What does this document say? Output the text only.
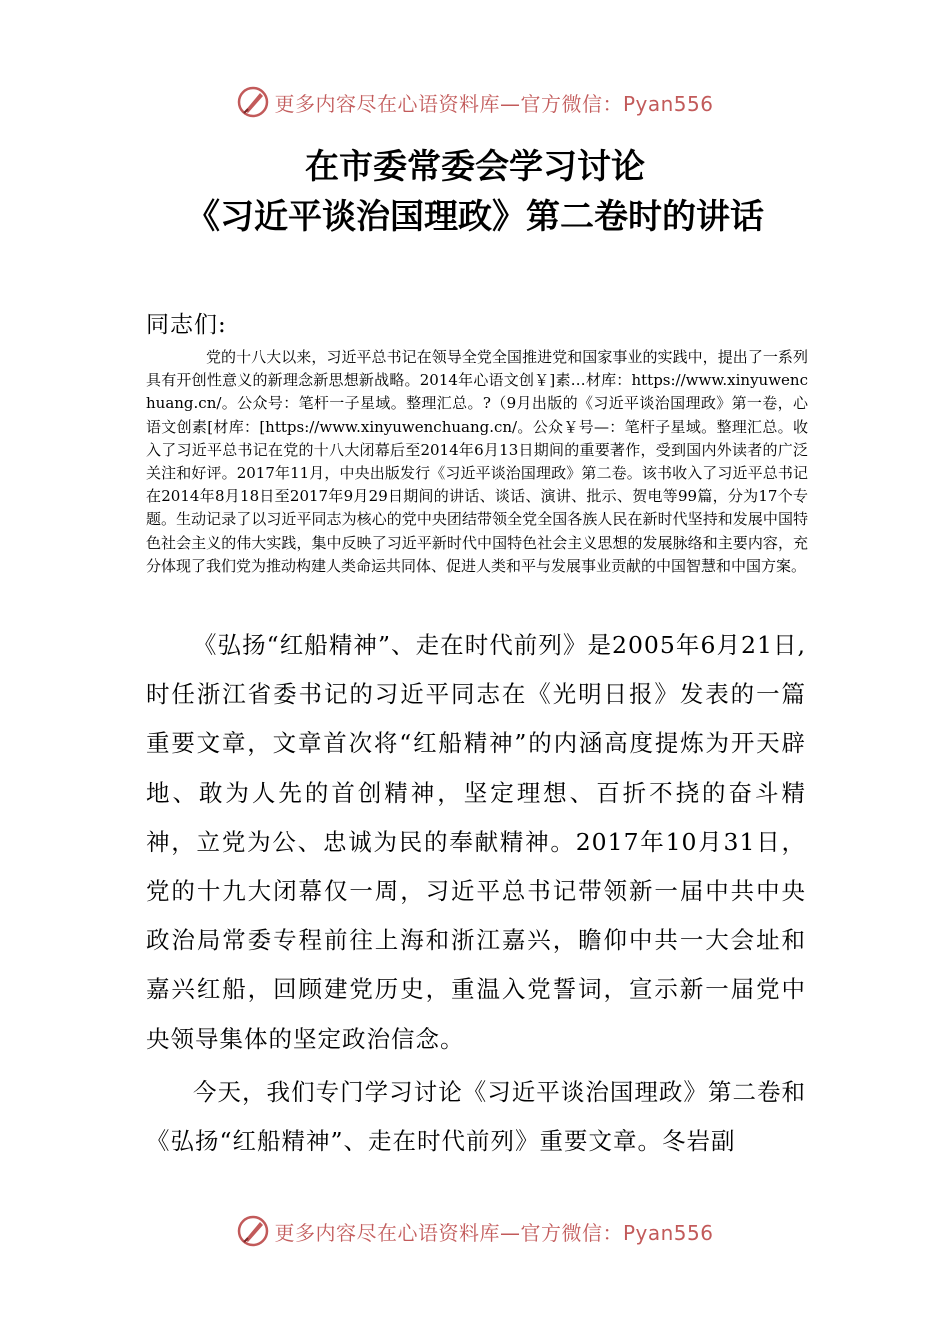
更多内容尽在心语资料库—官方微信：Pyan556
在市委常委会学习讨论
《习近平谈治国理政》第二卷时的讲话
同志们:

党的十八大以来，习近平总书记在领导全党全国推进党和国家事业的实践中，提出了一系列具有开创性意义的新理念新思想新战略。2014年心语文创￥]素…材库：https://www.xinyuwenchuang.cn/。公众号：笔杆一子星域。整理汇总。?（9月出版的《习近平谈治国理政》第一卷，心语文创素[材库：[https://www.xinyuwenchuang.cn/。公众￥号—：笔杆子星域。整理汇总。收入了习近平总书记在党的十八大闭幕后至2014年6月13日期间的重要著作，受到国内外读者的广泛关注和好评。2017年11月，中央出版发行《习近平谈治国理政》第二卷。该书收入了习近平总书记在2014年8月18日至2017年9月29日期间的讲话、谈话、演讲、批示、贺电等99篇，分为17个专题。生动记录了以习近平同志为核心的党中央团结带领全党全国各族人民在新时代坚持和发展中国特色社会主义的伟大实践，集中反映了习近平新时代中国特色社会主义思想的发展脉络和主要内容，充分体现了我们党为推动构建人类命运共同体、促进人类和平与发展事业贡献的中国智慧和中国方案。

《弘扬“红船精神”、走在时代前列》是2005年6月21日,时任浙江省委书记的习近平同志在《光明日报》发表的一篇重要文章，文章首次将“红船精神”的内涵高度提炼为开天辟地、敢为人先的首创精神，坚定理想、百折不挠的奋斗精神，立党为公、忠诚为民的奉献精神。2017年10月31日，党的十九大闭幕仅一周，习近平总书记带领新一届中共中央政治局常委专程前往上海和浙江嘉兴，瞻仰中共一大会址和嘉兴红船，回顾建党历史，重温入党誓词，宣示新一届党中央领导集体的坚定政治信念。

今天，我们专门学习讨论《习近平谈治国理政》第二卷和《弘扬“红船精神”、走在时代前列》重要文章。冬岩副

更多内容尽在心语资料库—官方微信：Pyan556
